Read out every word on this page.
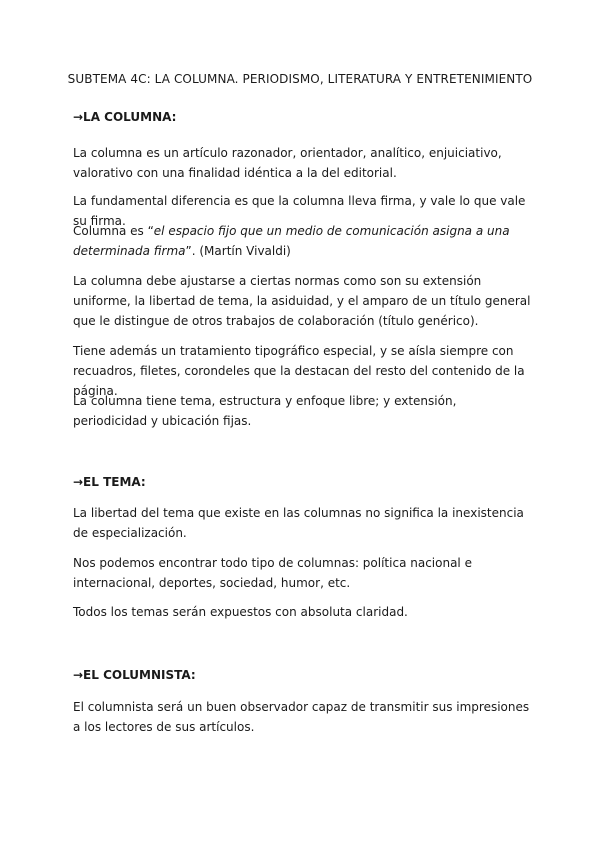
SUBTEMA 4C: LA COLUMNA. PERIODISMO, LITERATURA Y ENTRETENIMIENTO
→LA COLUMNA:

La columna es un artículo razonador, orientador, analítico, enjuiciativo, valorativo con una finalidad idéntica a la del editorial.

La fundamental diferencia es que la columna lleva firma, y vale lo que vale su firma.

Columna es “el espacio fijo que un medio de comunicación asigna a una determinada firma”. (Martín Vivaldi)

La columna debe ajustarse a ciertas normas como son su extensión uniforme, la libertad de tema, la asiduidad, y el amparo de un título general que le distingue de otros trabajos de colaboración (título genérico).

Tiene además un tratamiento tipográfico especial, y se aísla siempre con recuadros, filetes, corondeles que la destacan del resto del contenido de la página.

La columna tiene tema, estructura y enfoque libre; y extensión, periodicidad y ubicación fijas.

→EL TEMA:

La libertad del tema que existe en las columnas no significa la inexistencia de especialización.

Nos podemos encontrar todo tipo de columnas: política nacional e internacional, deportes, sociedad, humor, etc.

Todos los temas serán expuestos con absoluta claridad.

→EL COLUMNISTA:

El columnista será un buen observador capaz de transmitir sus impresiones a los lectores de sus artículos.
